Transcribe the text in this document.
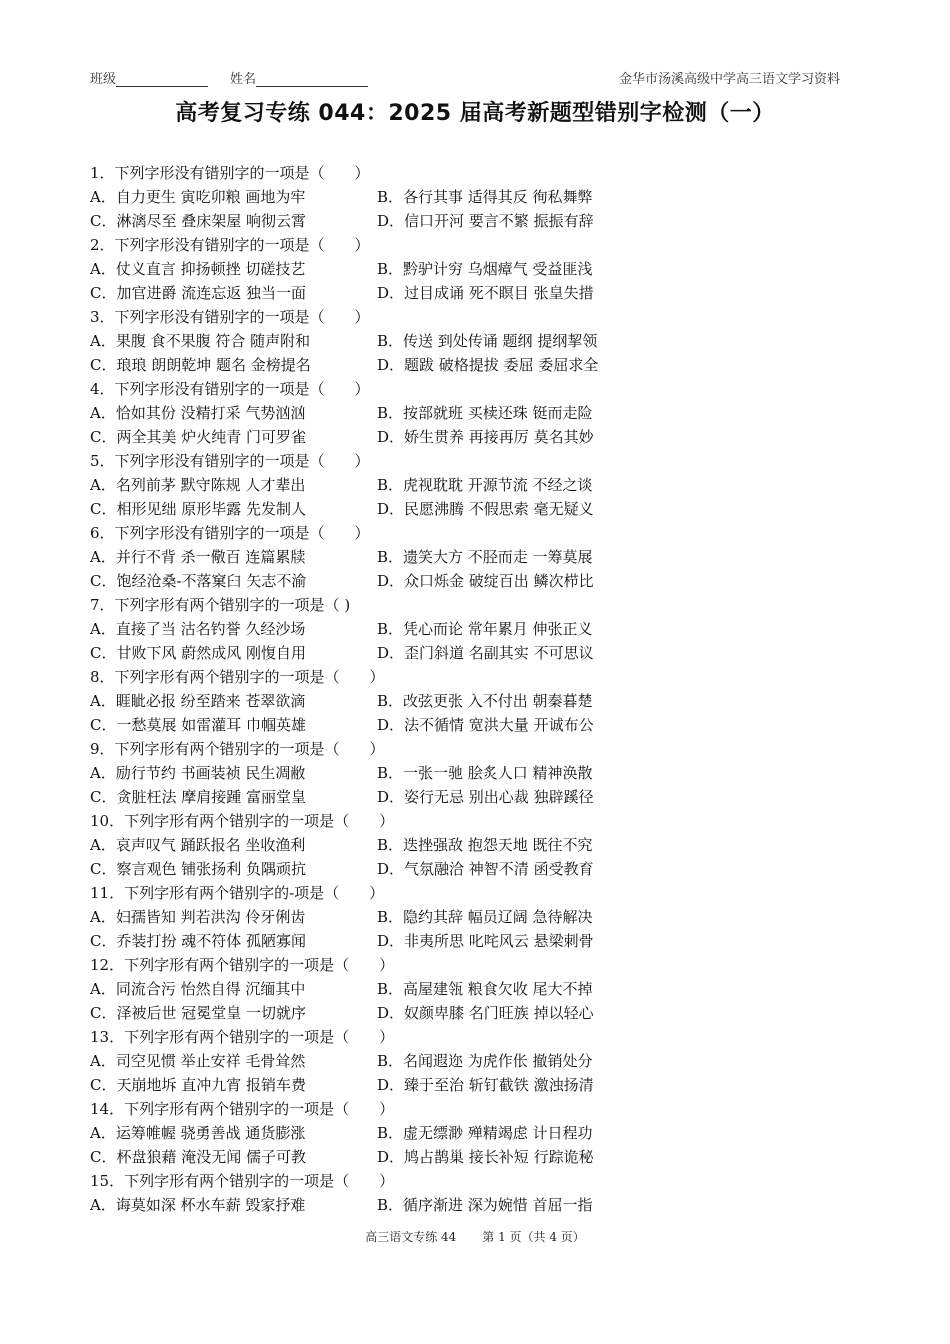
班级	姓名	金华市汤溪高级中学高三语文学习资料
高考复习专练 044：2025 届高考新题型错别字检测（一）
1．下列字形没有错别字的一项是（　　）
A．自力更生 寅吃卯粮 画地为牢	B．各行其事 适得其反 徇私舞弊
C．淋漓尽至 叠床架屋 响彻云霄	D．信口开河 要言不繁 振振有辞
2．下列字形没有错别字的一项是（　　）
A．仗义直言 抑扬顿挫 切磋技艺	B．黔驴计穷 乌烟瘴气 受益匪浅
C．加官进爵 流连忘返 独当一面	D．过目成诵 死不瞑目 张皇失措
3．下列字形没有错别字的一项是（　　）
A．果腹 食不果腹 符合 随声附和	B．传送 到处传诵 题纲 提纲挈领
C．琅琅 朗朗乾坤 题名 金榜提名	D．题跋 破格提拔 委屈 委屈求全
4．下列字形没有错别字的一项是（　　）
A．恰如其份 没精打采 气势汹汹	B．按部就班 买椟还珠 铤而走险
C．两全其美 炉火纯青 门可罗雀	D．娇生贯养 再接再厉 莫名其妙
5．下列字形没有错别字的一项是（　　）
A．名列前茅 默守陈规 人才辈出	B．虎视耽耽 开源节流 不经之谈
C．相形见绌 原形毕露 先发制人	D．民愿沸腾 不假思索 毫无疑义
6．下列字形没有错别字的一项是（　　）
A．并行不背 杀一儆百 连篇累牍	B．遗笑大方 不胫而走 一筹莫展
C．饱经沧桑-不落窠臼 矢志不渝	D．众口烁金 破绽百出 鳞次栉比
7．下列字形有两个错别字的一项是（ )
A．直接了当 沽名钓誉 久经沙场	B．凭心而论 常年累月 伸张正义
C．甘败下风 蔚然成风 刚愎自用	D．歪门斜道 名副其实 不可思议
8．下列字形有两个错别字的一项是（　　）
A．睚眦必报 纷至踏来 苍翠欲滴	B．改弦更张 入不付出 朝秦暮楚
C．一愁莫展 如雷灌耳 巾帼英雄	D．法不循情 宽洪大量 开诚布公
9．下列字形有两个错别字的一项是（　　）
A．励行节约 书画装祯 民生凋敝	B．一张一驰 脍炙人口 精神涣散
C．贪脏枉法 摩肩接踵 富丽堂皇	D．姿行无忌 别出心裁 独辟蹊径
10．下列字形有两个错别字的一项是（　　）
A．哀声叹气 踊跃报名 坐收渔利	B．迭挫强敌 抱怨天地 既往不究
C．察言观色 铺张扬利 负隅顽抗	D．气氛融洽 神智不清 函受教育
11．下列字形有两个错别字的-项是（　　）
A．妇孺皆知 判若洪沟 伶牙俐齿	B．隐约其辞 幅员辽阔 急待解决
C．乔装打扮 魂不符体 孤陋寡闻	D．非夷所思 叱咤风云 悬梁刺骨
12．下列字形有两个错别字的一项是（　　）
A．同流合污 怡然自得 沉缅其中	B．高屋建瓴 粮食欠收 尾大不掉
C．泽被后世 冠冕堂皇 一切就序	D．奴颜卑膝 名门旺族 掉以轻心
13．下列字形有两个错别字的一项是（　　）
A．司空见惯 举止安祥 毛骨耸然	B．名闻遐迩 为虎作伥 撤销处分
C．天崩地坼 直冲九宵 报销车费	D．臻于至治 斩钉截铁 激浊扬清
14．下列字形有两个错别字的一项是（　　）
A．运筹帷幄 骁勇善战 通货膨涨	B．虚无缥渺 殚精竭虑 计日程功
C．杯盘狼藉 淹没无闻 儒子可教	D．鸠占鹊巢 接长补短 行踪诡秘
15．下列字形有两个错别字的一项是（　　）
A．诲莫如深 杯水车薪 毁家抒难	B．循序渐进 深为婉惜 首屈一指
高三语文专练 44 第 1 页（共 4 页）
